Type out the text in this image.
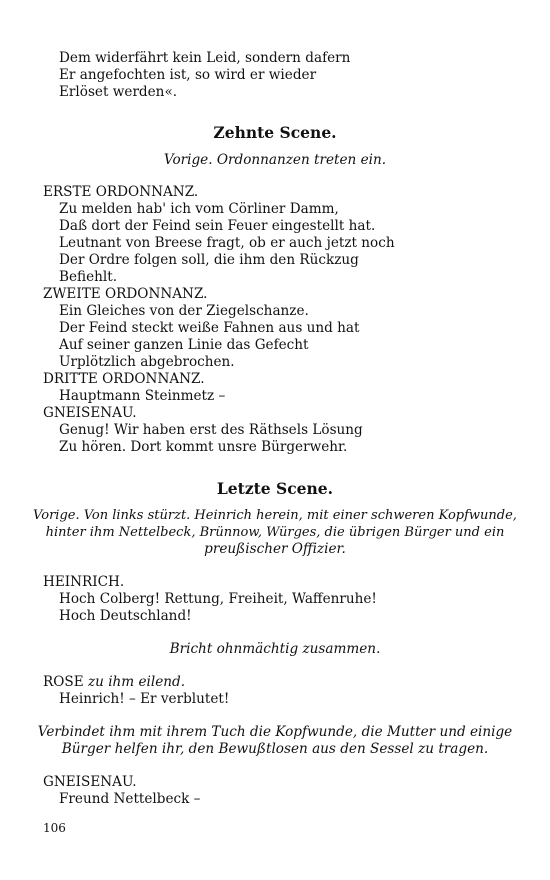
Dem widerfährt kein Leid, sondern dafern
Er angefochten ist, so wird er wieder
Erlöset werden«.
Zehnte Scene.
Vorige. Ordonnanzen treten ein.
ERSTE ORDONNANZ.
Zu melden hab' ich vom Cörliner Damm,
Daß dort der Feind sein Feuer eingestellt hat.
Leutnant von Breese fragt, ob er auch jetzt noch
Der Ordre folgen soll, die ihm den Rückzug
Befiehlt.
ZWEITE ORDONNANZ.
Ein Gleiches von der Ziegelschanze.
Der Feind steckt weiße Fahnen aus und hat
Auf seiner ganzen Linie das Gefecht
Urplötzlich abgebrochen.
DRITTE ORDONNANZ.
Hauptmann Steinmetz –
GNEISENAU.
Genug! Wir haben erst des Räthsels Lösung
Zu hören. Dort kommt unsre Bürgerwehr.
Letzte Scene.
Vorige. Von links stürzt. Heinrich herein, mit einer schweren Kopfwunde,
hinter ihm Nettelbeck, Brünnow, Würges, die übrigen Bürger und ein
preußischer Offizier.
HEINRICH.
Hoch Colberg! Rettung, Freiheit, Waffenruhe!
Hoch Deutschland!
Bricht ohnmächtig zusammen.
ROSE zu ihm eilend.
Heinrich! – Er verblutet!
Verbindet ihm mit ihrem Tuch die Kopfwunde, die Mutter und einige
Bürger helfen ihr, den Bewußtlosen aus den Sessel zu tragen.
GNEISENAU.
Freund Nettelbeck –
106
